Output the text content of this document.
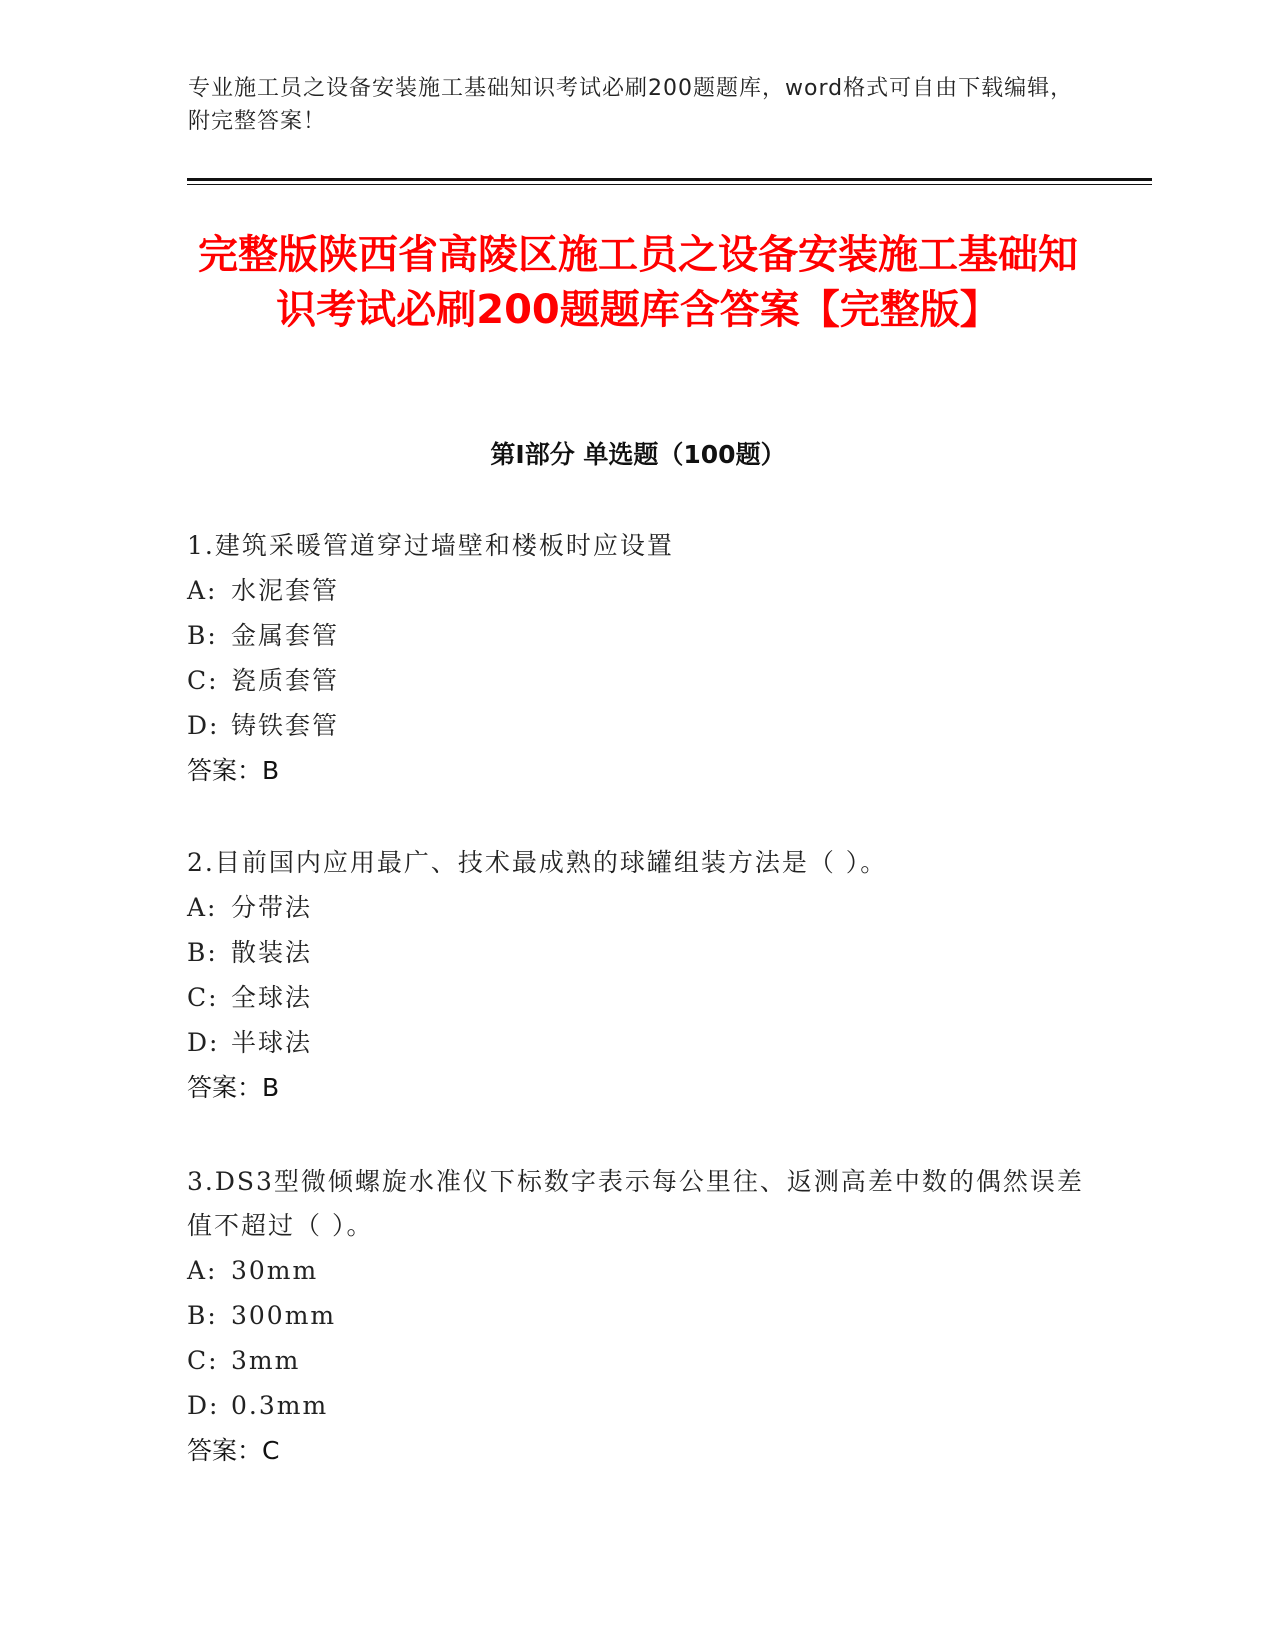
专业施工员之设备安装施工基础知识考试必刷200题题库，word格式可自由下载编辑，附完整答案！
完整版陕西省高陵区施工员之设备安装施工基础知识考试必刷200题题库含答案【完整版】
第I部分 单选题（100题）
1.建筑采暖管道穿过墙壁和楼板时应设置
A: 水泥套管
B: 金属套管
C: 瓷质套管
D: 铸铁套管
答案：B
2.目前国内应用最广、技术最成熟的球罐组装方法是（ ）。
A: 分带法
B: 散装法
C: 全球法
D: 半球法
答案：B
3.DS3型微倾螺旋水准仪下标数字表示每公里往、返测高差中数的偶然误差值不超过（ ）。
A: 30mm
B: 300mm
C: 3mm
D: 0.3mm
答案：C
